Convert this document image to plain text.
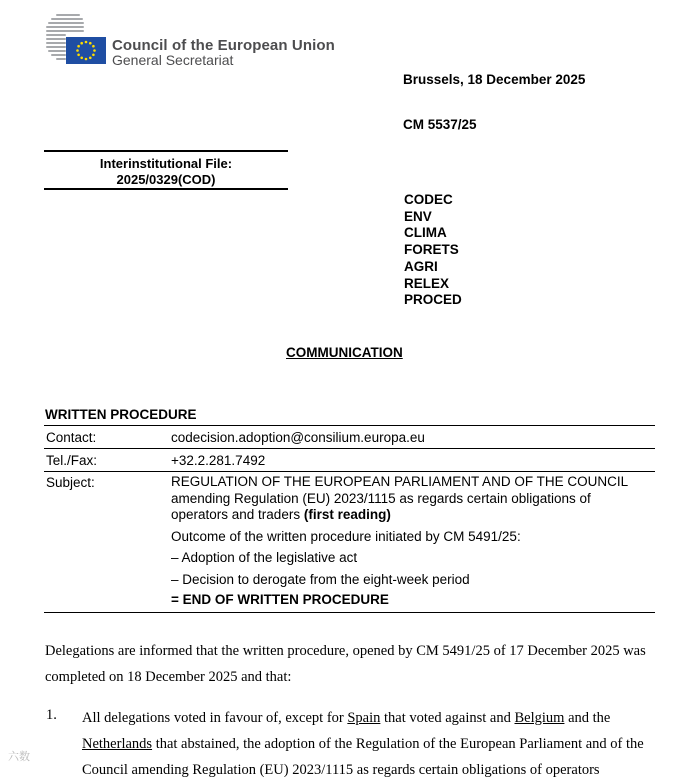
Council of the European Union
General Secretariat
Brussels, 18 December 2025
CM 5537/25
Interinstitutional File:
2025/0329(COD)
CODEC
ENV
CLIMA
FORETS
AGRI
RELEX
PROCED
COMMUNICATION
WRITTEN PROCEDURE
Contact:	codecision.adoption@consilium.europa.eu
Tel./Fax:	+32.2.281.7492
Subject:	REGULATION OF THE EUROPEAN PARLIAMENT AND OF THE COUNCIL amending Regulation (EU) 2023/1115 as regards certain obligations of operators and traders (first reading)
Outcome of the written procedure initiated by CM 5491/25:
– Adoption of the legislative act
– Decision to derogate from the eight-week period
= END OF WRITTEN PROCEDURE
Delegations are informed that the written procedure, opened by CM 5491/25 of 17 December 2025 was completed on 18 December 2025 and that:
1. All delegations voted in favour of, except for Spain that voted against and Belgium and the Netherlands that abstained, the adoption of the Regulation of the European Parliament and of the Council amending Regulation (EU) 2023/1115 as regards certain obligations of operators
六数
